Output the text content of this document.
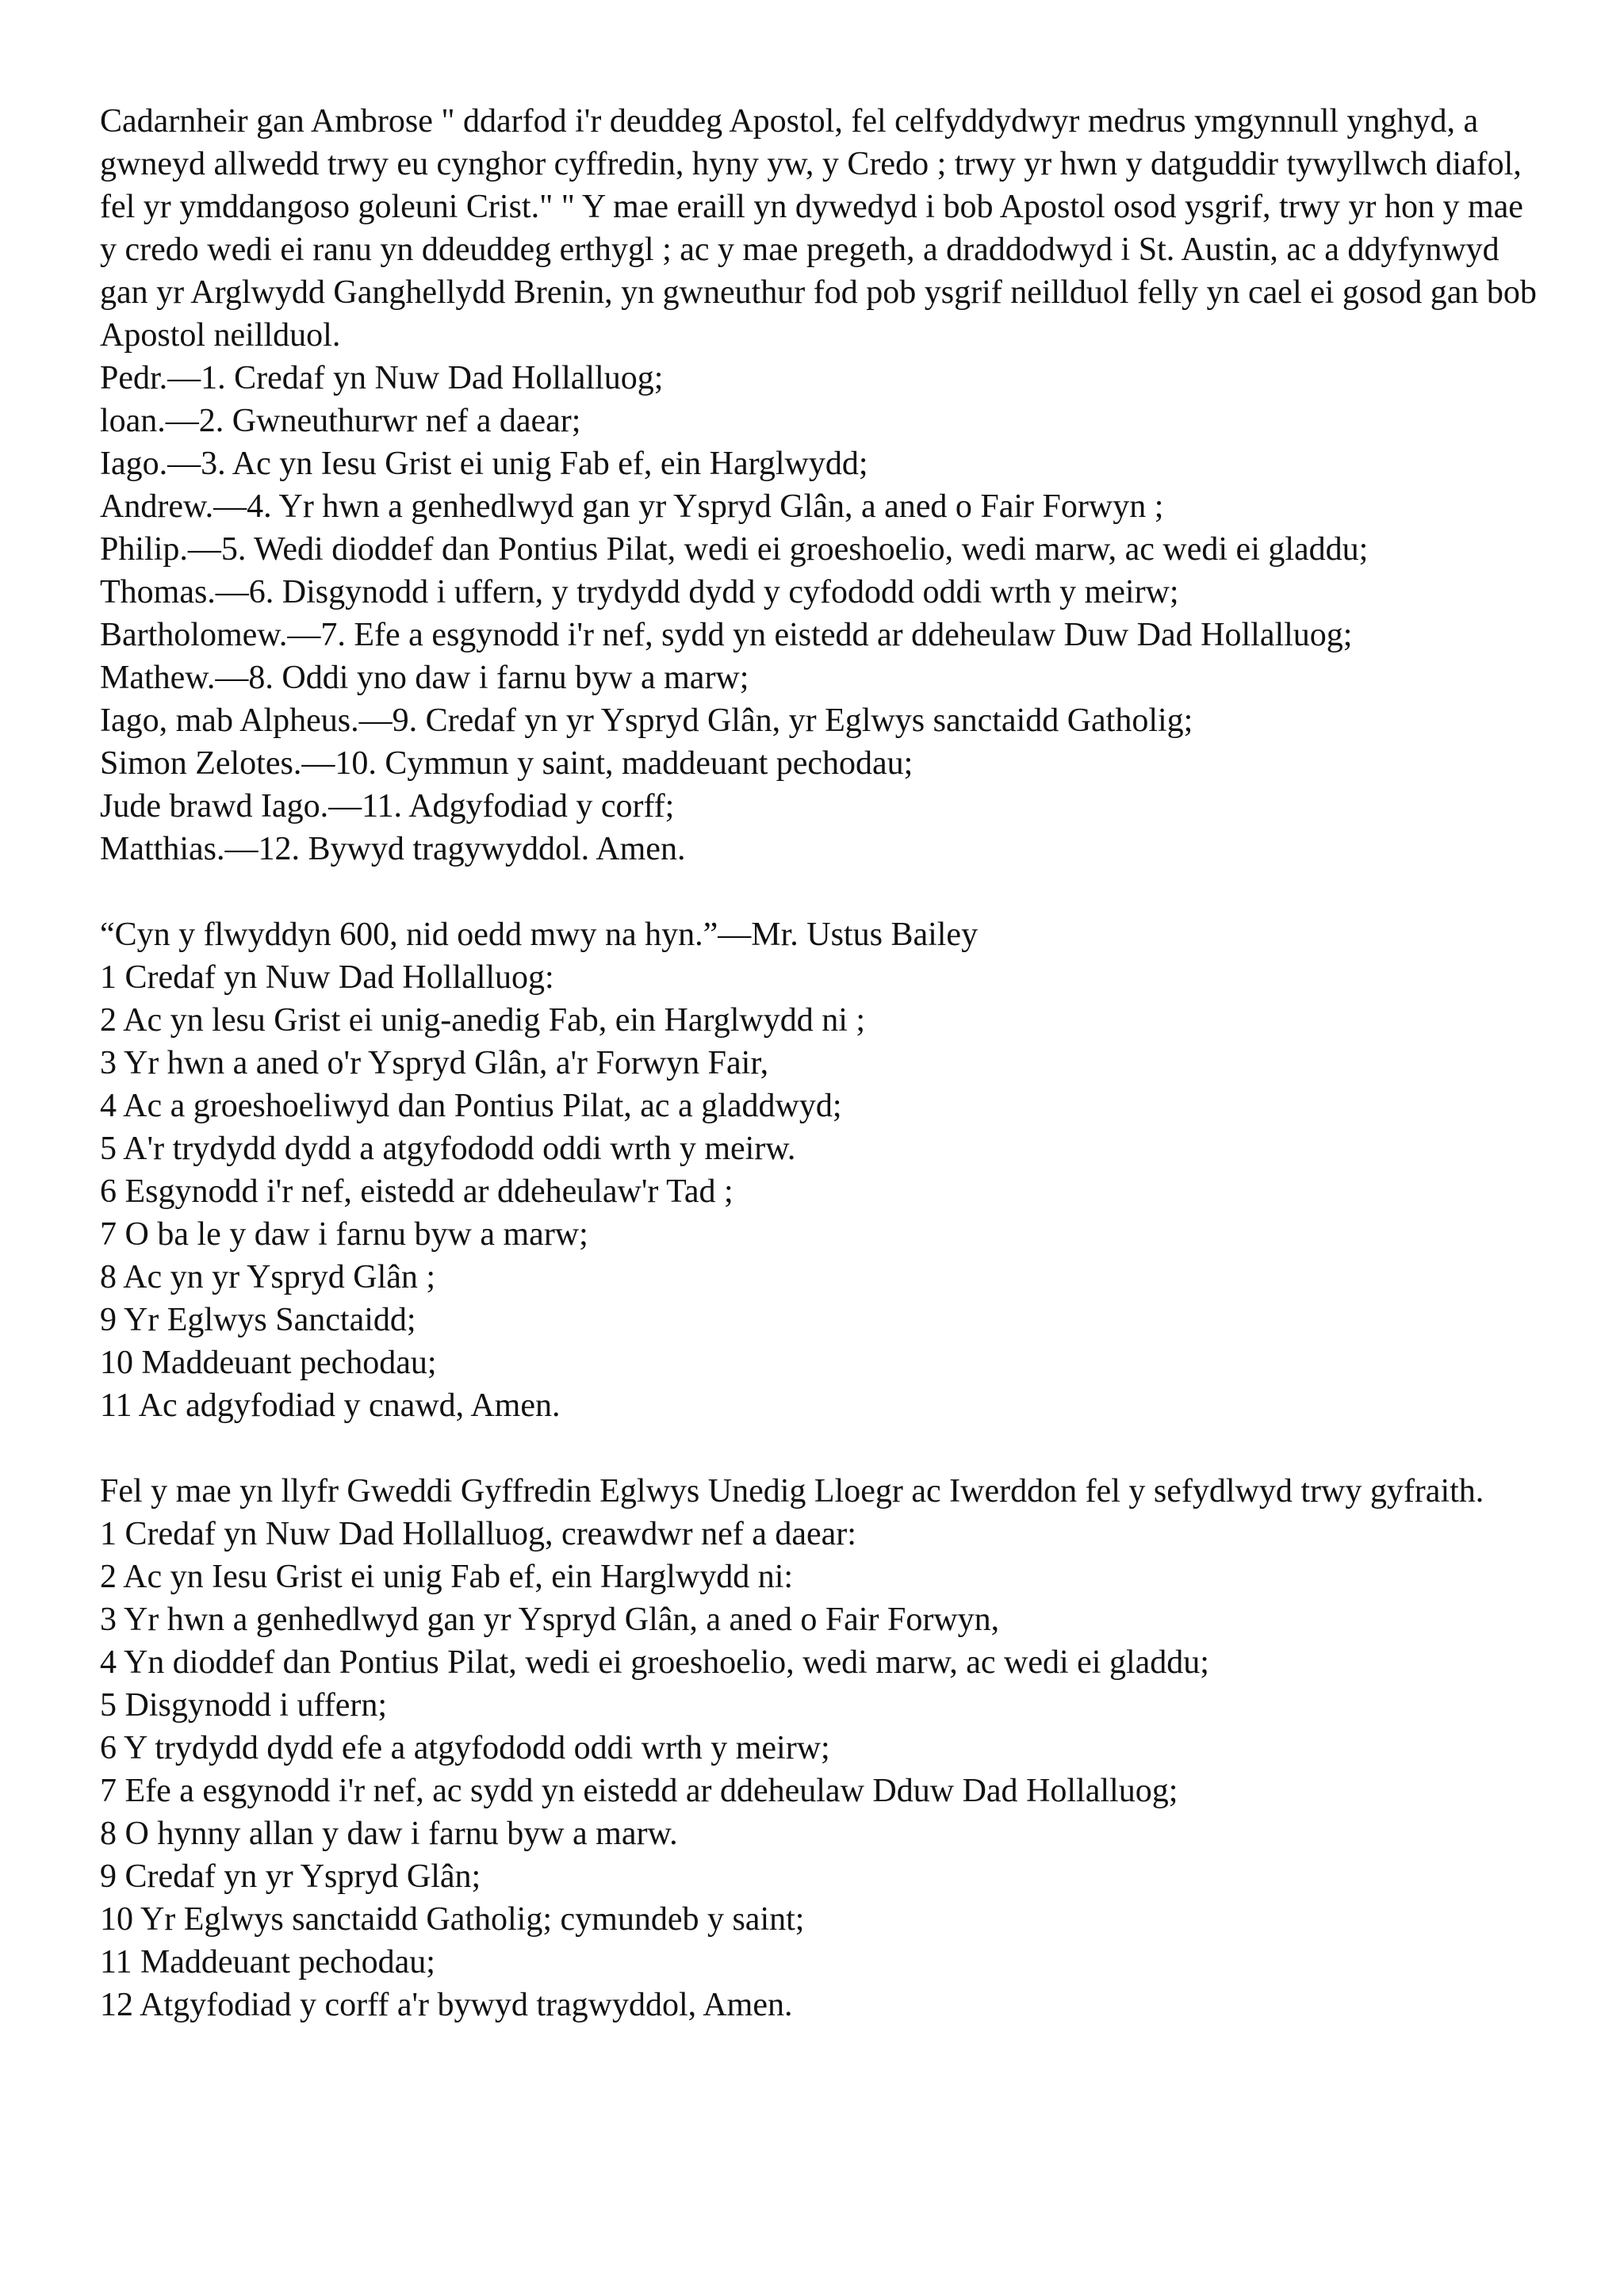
Cadarnheir gan Ambrose " ddarfod i'r deuddeg Apostol, fel celfyddydwyr medrus ymgynnull ynghyd, a gwneyd allwedd trwy eu cynghor cyffredin, hyny yw, y Credo ; trwy yr hwn y datguddir tywyllwch diafol, fel yr ymddangoso goleuni Crist." " Y mae eraill yn dywedyd i bob Apostol osod ysgrif, trwy yr hon y mae y credo wedi ei ranu yn ddeuddeg erthygl ; ac y mae pregeth, a draddodwyd i St. Austin, ac a ddyfynwyd gan yr Arglwydd Ganghellydd Brenin, yn gwneuthur fod pob ysgrif neillduol felly yn cael ei gosod gan bob Apostol neillduol.

Pedr.—1. Credaf yn Nuw Dad Hollalluog;

loan.—2. Gwneuthurwr nef a daear;

Iago.—3. Ac yn Iesu Grist ei unig Fab ef, ein Harglwydd;

Andrew.—4. Yr hwn a genhedlwyd gan yr Yspryd Glân, a aned o Fair Forwyn ;

Philip.—5. Wedi dioddef dan Pontius Pilat, wedi ei groeshoelio, wedi marw, ac wedi ei gladdu;

Thomas.—6. Disgynodd i uffern, y trydydd dydd y cyfododd oddi wrth y meirw;

Bartholomew.—7. Efe a esgynodd i'r nef, sydd yn eistedd ar ddeheulaw Duw Dad Hollalluog;

Mathew.—8. Oddi yno daw i farnu byw a marw;

Iago, mab Alpheus.—9. Credaf yn yr Yspryd Glân, yr Eglwys sanctaidd Gatholig;

Simon Zelotes.—10. Cymmun y saint, maddeuant pechodau;

Jude brawd Iago.—11. Adgyfodiad y corff;

Matthias.—12. Bywyd tragywyddol. Amen.

“Cyn y flwyddyn 600, nid oedd mwy na hyn.”—Mr. Ustus Bailey

1 Credaf yn Nuw Dad Hollalluog:

2 Ac yn lesu Grist ei unig-anedig Fab, ein Harglwydd ni ;

3 Yr hwn a aned o'r Yspryd Glân, a'r Forwyn Fair,

4 Ac a groeshoeliwyd dan Pontius Pilat, ac a gladdwyd;

5 A'r trydydd dydd a atgyfododd oddi wrth y meirw.

6 Esgynodd i'r nef, eistedd ar ddeheulaw'r Tad ;

7 O ba le y daw i farnu byw a marw;

8 Ac yn yr Yspryd Glân ;

9 Yr Eglwys Sanctaidd;

10 Maddeuant pechodau;

11 Ac adgyfodiad y cnawd, Amen.

Fel y mae yn llyfr Gweddi Gyffredin Eglwys Unedig Lloegr ac Iwerddon fel y sefydlwyd trwy gyfraith.

1 Credaf yn Nuw Dad Hollalluog, creawdwr nef a daear:

2 Ac yn Iesu Grist ei unig Fab ef, ein Harglwydd ni:

3 Yr hwn a genhedlwyd gan yr Yspryd Glân, a aned o Fair Forwyn,

4 Yn dioddef dan Pontius Pilat, wedi ei groeshoelio, wedi marw, ac wedi ei gladdu;

5 Disgynodd i uffern;

6 Y trydydd dydd efe a atgyfododd oddi wrth y meirw;

7 Efe a esgynodd i'r nef, ac sydd yn eistedd ar ddeheulaw Dduw Dad Hollalluog;

8 O hynny allan y daw i farnu byw a marw.

9 Credaf yn yr Yspryd Glân;

10 Yr Eglwys sanctaidd Gatholig; cymundeb y saint;

11 Maddeuant pechodau;

12 Atgyfodiad y corff a'r bywyd tragwyddol, Amen.
